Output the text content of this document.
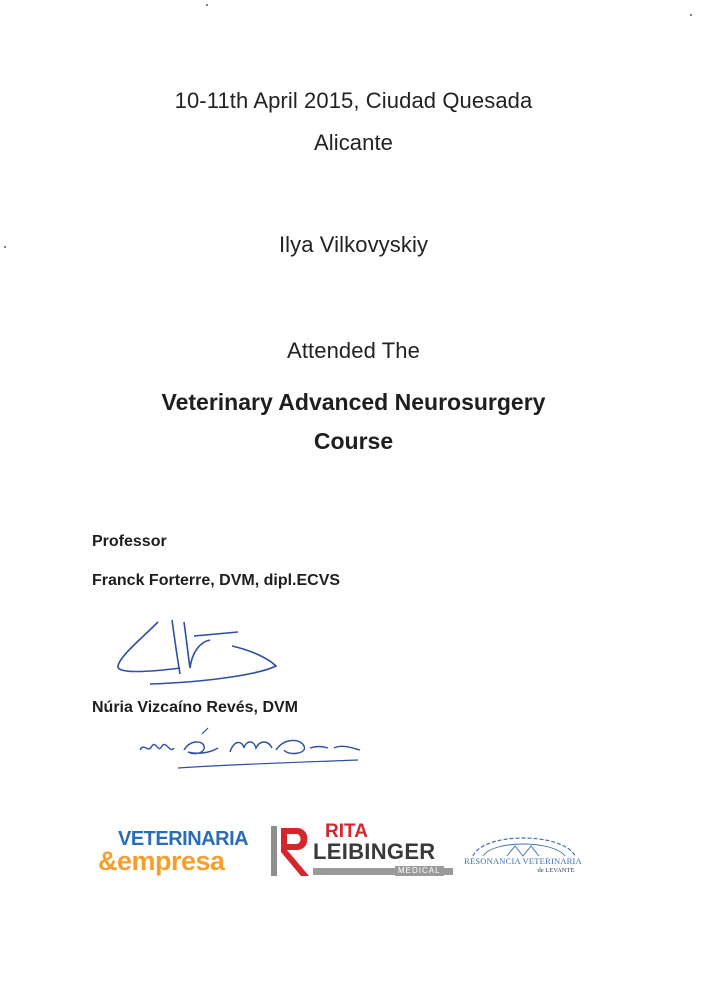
10-11th April 2015, Ciudad Quesada
Alicante
Ilya Vilkovyskiy
Attended The
Veterinary Advanced Neurosurgery
Course
Professor
Franck Forterre, DVM, dipl.ECVS
Núria Vizcaíno Revés, DVM
VETERINARIA
&empresa
RITA
LEIBINGER
MEDICAL
RESONANCIA VETERINARIA
de LEVANTE
